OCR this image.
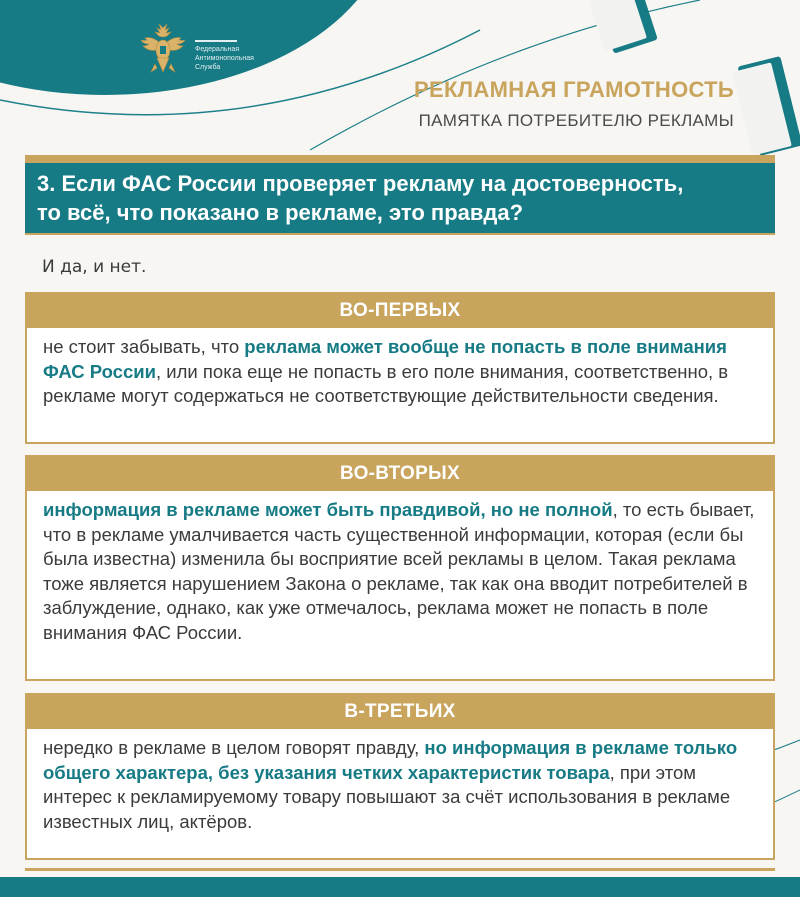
Федеральная
Антимонопольная
Служба
РЕКЛАМНАЯ ГРАМОТНОСТЬ
ПАМЯТКА ПОТРЕБИТЕЛЮ РЕКЛАМЫ
3. Если ФАС России проверяет рекламу на достоверность,
то всё, что показано в рекламе, это правда?
И да, и нет.
ВО-ПЕРВЫХ
не стоит забывать, что реклама может вообще не попасть в поле внимания ФАС России, или пока еще не попасть в его поле внимания, соответственно, в рекламе могут содержаться не соответствующие действительности сведения.
ВО-ВТОРЫХ
информация в рекламе может быть правдивой, но не полной, то есть бывает, что в рекламе умалчивается часть существенной информации, которая (если бы была известна) изменила бы восприятие всей рекламы в целом. Такая реклама тоже является нарушением Закона о рекламе, так как она вводит потребителей в заблуждение, однако, как уже отмечалось, реклама может не попасть в поле внимания ФАС России.
В-ТРЕТЬИХ
нередко в рекламе в целом говорят правду, но информация в рекламе только общего характера, без указания четких характеристик товара, при этом интерес к рекламируемому товару повышают за счёт использования в рекламе известных лиц, актёров.
